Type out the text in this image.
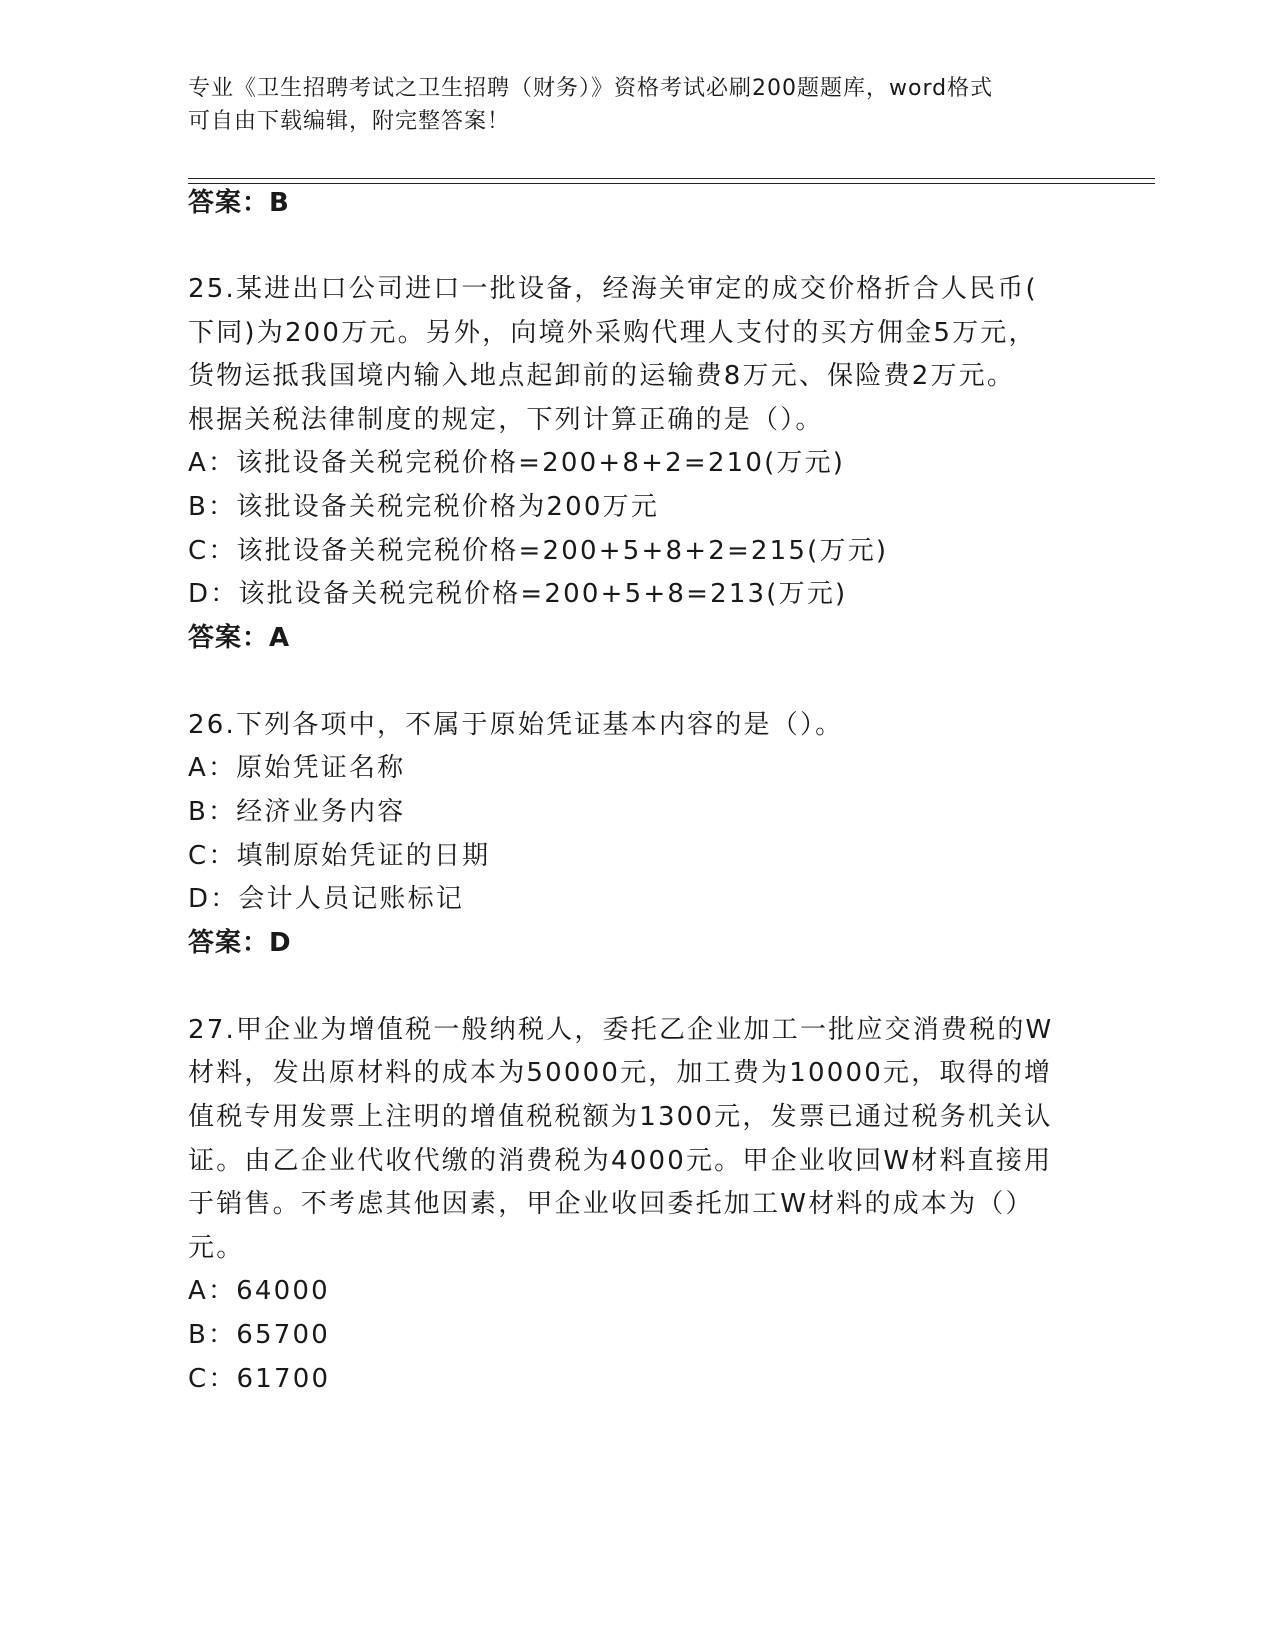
专业《卫生招聘考试之卫生招聘（财务）》资格考试必刷200题题库，word格式
可自由下载编辑，附完整答案！
答案：B
25.某进出口公司进口一批设备，经海关审定的成交价格折合人民币(
下同)为200万元。另外，向境外采购代理人支付的买方佣金5万元，
货物运抵我国境内输入地点起卸前的运输费8万元、保险费2万元。
根据关税法律制度的规定，下列计算正确的是（）。
A：该批设备关税完税价格=200+8+2=210(万元)
B：该批设备关税完税价格为200万元
C：该批设备关税完税价格=200+5+8+2=215(万元)
D：该批设备关税完税价格=200+5+8=213(万元)
答案：A
26.下列各项中，不属于原始凭证基本内容的是（）。
A：原始凭证名称
B：经济业务内容
C：填制原始凭证的日期
D：会计人员记账标记
答案：D
27.甲企业为增值税一般纳税人，委托乙企业加工一批应交消费税的W
材料，发出原材料的成本为50000元，加工费为10000元，取得的增
值税专用发票上注明的增值税税额为1300元，发票已通过税务机关认
证。由乙企业代收代缴的消费税为4000元。甲企业收回W材料直接用
于销售。不考虑其他因素，甲企业收回委托加工W材料的成本为（）
元。
A：64000
B：65700
C：61700
